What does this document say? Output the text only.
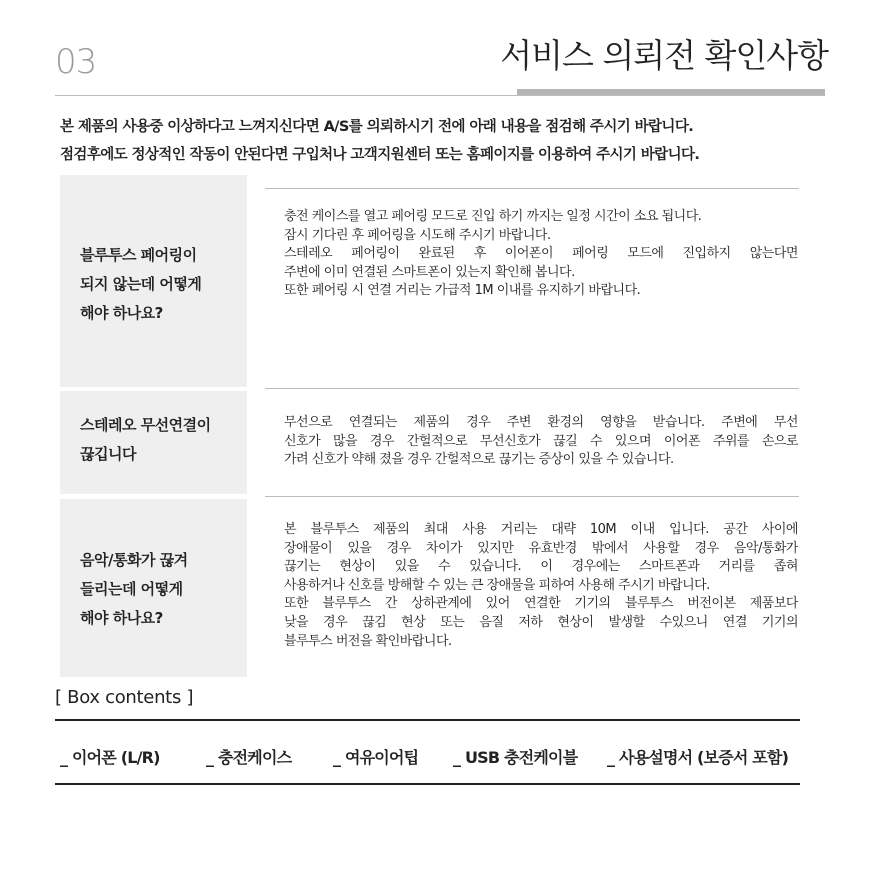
03	서비스 의뢰전 확인사항
본 제품의 사용중 이상하다고 느껴지신다면 A/S를 의뢰하시기 전에 아래 내용을 점검해 주시기 바랍니다.
점검후에도 정상적인 작동이 안된다면 구입처나 고객지원센터 또는 홈페이지를 이용하여 주시기 바랍니다.
블루투스 페어링이
되지 않는데 어떻게
해야 하나요?
충전 케이스를 열고 페어링 모드로 진입 하기 까지는 일정 시간이 소요 됩니다.
잠시 기다린 후 페어링을 시도해 주시기 바랍니다.
스테레오 페어링이 완료된 후 이어폰이 페어링 모드에 진입하지 않는다면
주변에 이미 연결된 스마트폰이 있는지 확인해 봅니다.
또한 페어링 시 연결 거리는 가급적 1M 이내를 유지하기 바랍니다.
스테레오 무선연결이
끊깁니다
무선으로 연결되는 제품의 경우 주변 환경의 영향을 받습니다. 주변에 무선
신호가 많을 경우 간헐적으로 무선신호가 끊길 수 있으며 이어폰 주위를 손으로
가려 신호가 약해 졌을 경우 간헐적으로 끊기는 증상이 있을 수 있습니다.
음악/통화가 끊겨
들리는데 어떻게
해야 하나요?
본 블루투스 제품의 최대 사용 거리는 대략 10M 이내 입니다. 공간 사이에
장애물이 있을 경우 차이가 있지만 유효반경 밖에서 사용할 경우 음악/통화가
끊기는 현상이 있을 수 있습니다. 이 경우에는 스마트폰과 거리를 좁혀
사용하거나 신호를 방해할 수 있는 큰 장애물을 피하여 사용해 주시기 바랍니다.
또한 블루투스 간 상하관계에 있어 연결한 기기의 블루투스 버전이본 제품보다
낮을 경우 끊김 현상 또는 음질 저하 현상이 발생할 수있으니 연결 기기의
블루투스 버전을 확인바랍니다.
[ Box contents ]
_ 이어폰 (L/R)	_ 충전케이스	_ 여유이어팁 _ USB 충전케이블 _ 사용설명서 (보증서 포함)
